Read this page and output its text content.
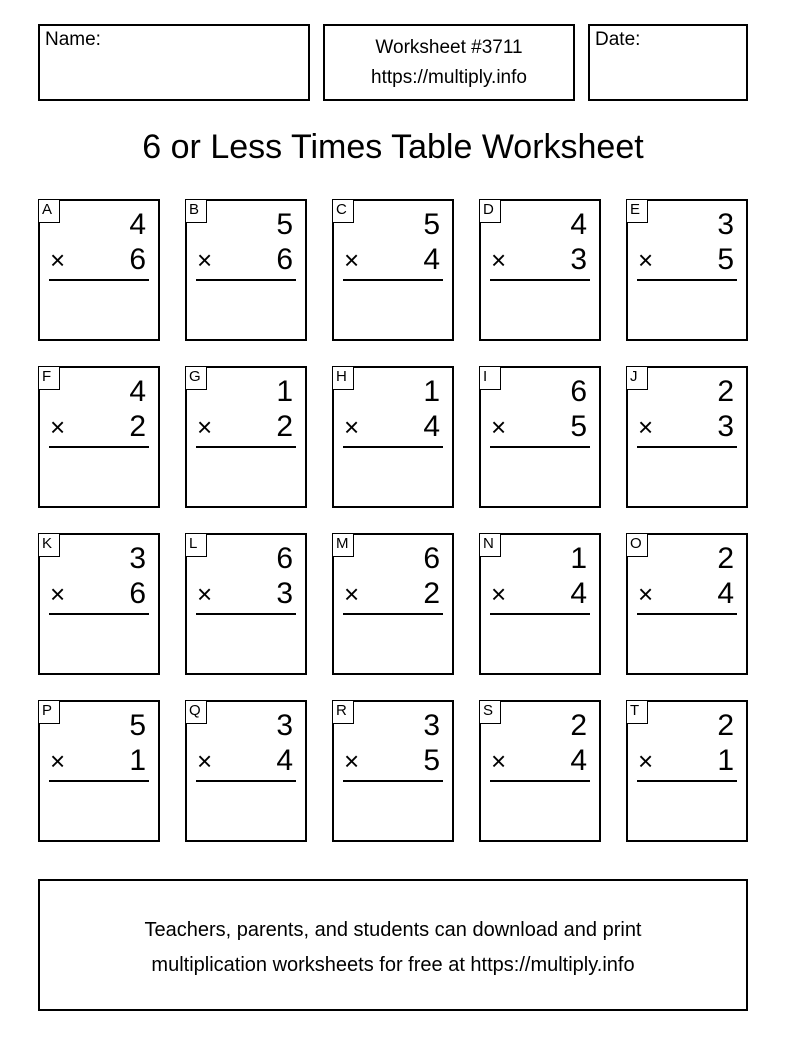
Name:	Worksheet #3711
https://multiply.info
Date:
6 or Less Times Table Worksheet
A	4
× 6
B	5
× 6
C	5
× 4
D	4
× 3
E	3
× 5
F	4
× 2
G	1
× 2
H	1
× 4
I	6
× 5
J	2
× 3
K	3
× 6
L	6
× 3
M 6
× 2
N	1
× 4
O	2
× 4
P	5
× 1
Q	3
× 4
R	3
× 5
S	2
× 4
T	2
× 1
Teachers, parents, and students can download and print
multiplication worksheets for free at https://multiply.info
